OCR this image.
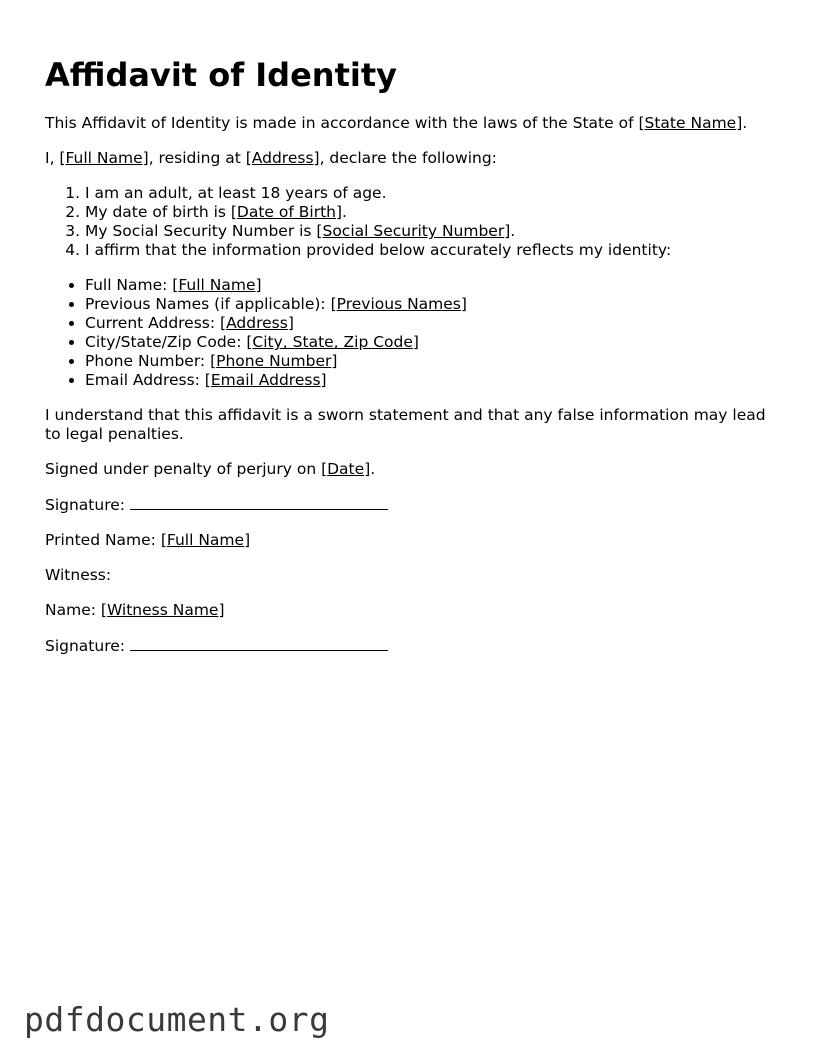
Affidavit of Identity

This Affidavit of Identity is made in accordance with the laws of the State of [State Name].

I, [Full Name], residing at [Address], declare the following:

1. I am an adult, at least 18 years of age.
2. My date of birth is [Date of Birth].
3. My Social Security Number is [Social Security Number].
4. I affirm that the information provided below accurately reflects my identity:
• Full Name: [Full Name]
• Previous Names (if applicable): [Previous Names]
• Current Address: [Address]
• City/State/Zip Code: [City, State, Zip Code]
• Phone Number: [Phone Number]
• Email Address: [Email Address]

I understand that this affidavit is a sworn statement and that any false information may lead to legal penalties.

Signed under penalty of perjury on [Date].

Signature:

Printed Name: [Full Name]

Witness:

Name: [Witness Name]

Signature:

pdfdocument.org
